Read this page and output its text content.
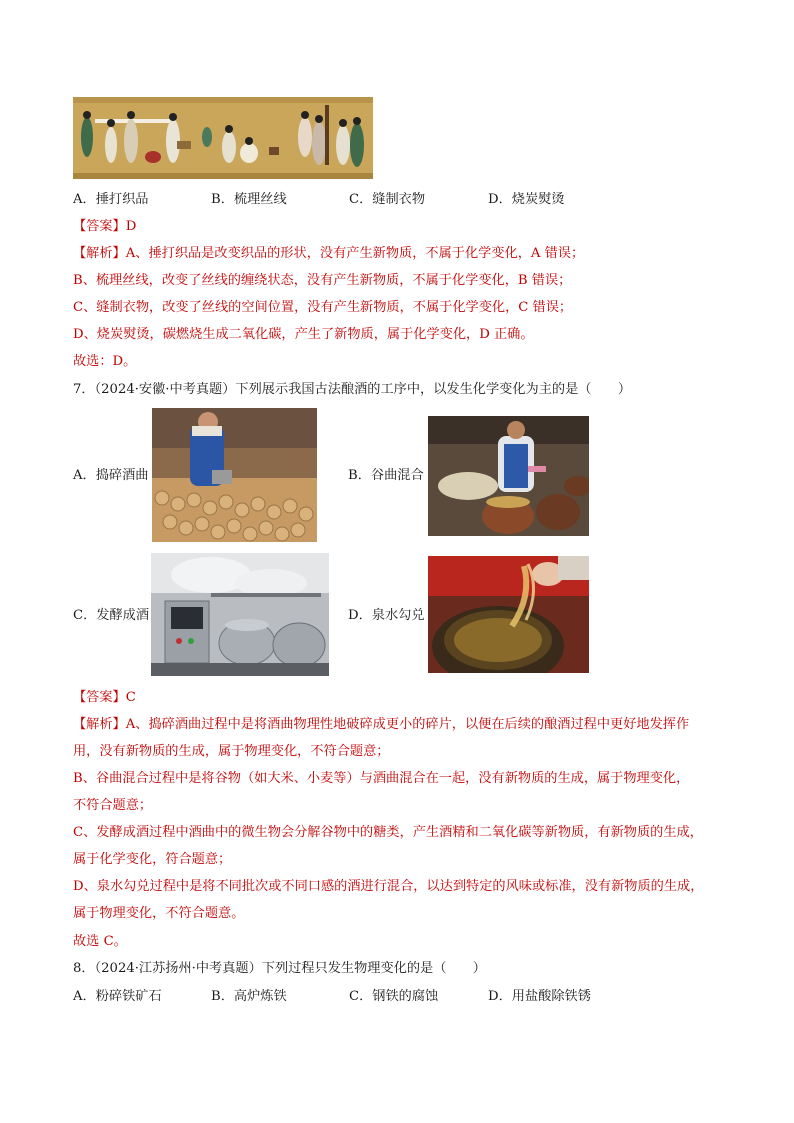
A．捶打织品	B．梳理丝线	C．缝制衣物	D．烧炭熨烫
【答案】D
【解析】A、捶打织品是改变织品的形状，没有产生新物质，不属于化学变化，A 错误；
B、梳理丝线，改变了丝线的缠绕状态，没有产生新物质，不属于化学变化，B 错误；
C、缝制衣物，改变了丝线的空间位置，没有产生新物质，不属于化学变化，C 错误；
D、烧炭熨烫，碳燃烧生成二氧化碳，产生了新物质，属于化学变化，D 正确。
故选：D。
7．（2024·安徽·中考真题）下列展示我国古法酿酒的工序中，以发生化学变化为主的是（　　）
A．捣碎酒曲	B．谷曲混合
C．发酵成酒	D．泉水勾兑
【答案】C
【解析】A、捣碎酒曲过程中是将酒曲物理性地破碎成更小的碎片，以便在后续的酿酒过程中更好地发挥作
用，没有新物质的生成，属于物理变化，不符合题意；
B、谷曲混合过程中是将谷物（如大米、小麦等）与酒曲混合在一起，没有新物质的生成，属于物理变化，
不符合题意；
C、发酵成酒过程中酒曲中的微生物会分解谷物中的糖类，产生酒精和二氧化碳等新物质，有新物质的生成，
属于化学变化，符合题意；
D、泉水勾兑过程中是将不同批次或不同口感的酒进行混合，以达到特定的风味或标准，没有新物质的生成，
属于物理变化，不符合题意。
故选 C。
8．（2024·江苏扬州·中考真题）下列过程只发生物理变化的是（　　）
A．粉碎铁矿石	B．高炉炼铁	C．钢铁的腐蚀	D．用盐酸除铁锈
